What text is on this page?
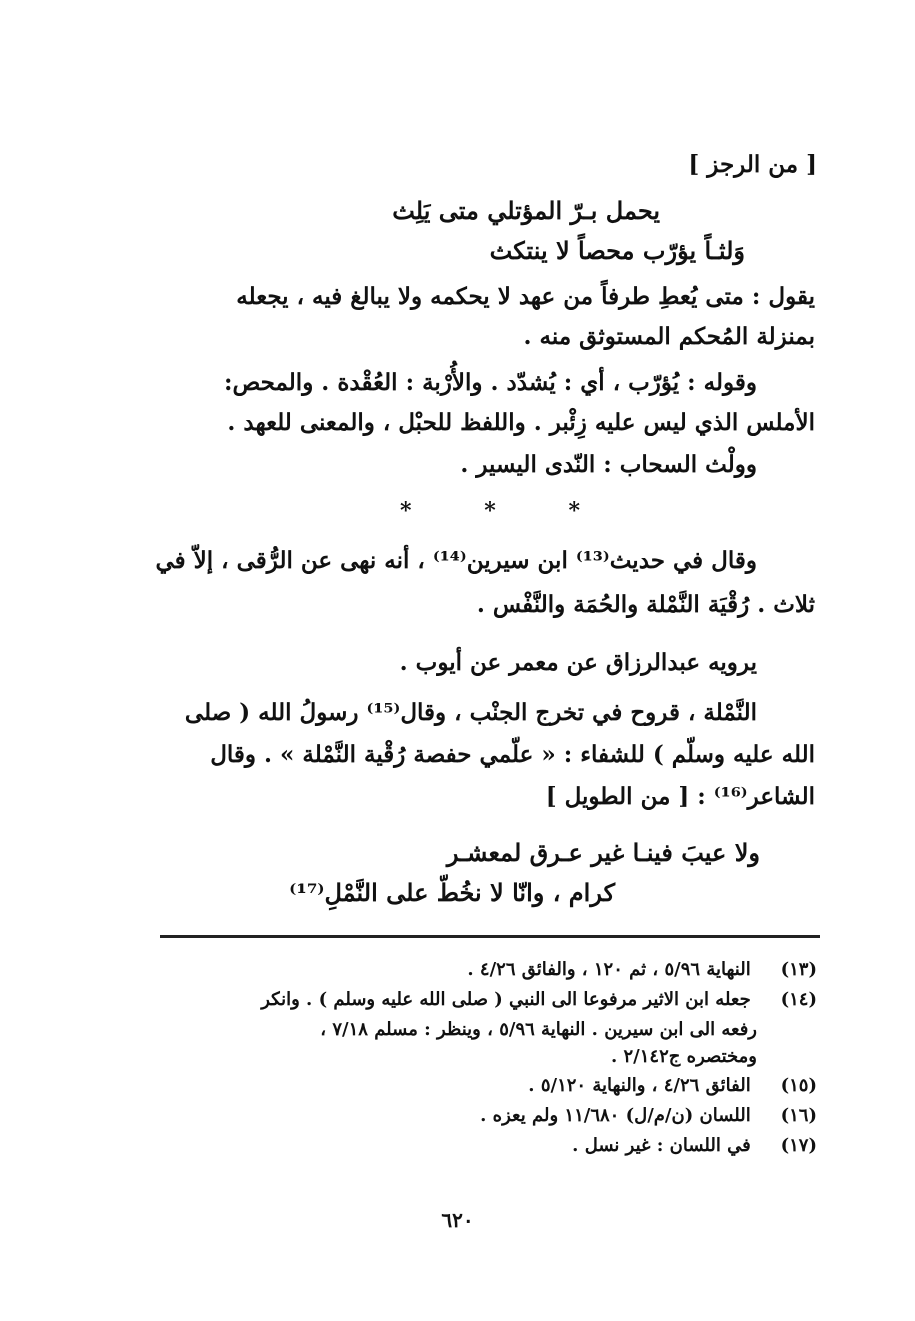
[ من الرجز ]
يحمل بـرّ المؤتلي متى يَلِث
وَلثـاً يؤرّب محصاً لا ينتكث
يقول : متى يُعطِ طرفاً من عهد لا يحكمه ولا يبالغ فيه ، يجعله
بمنزلة المُحكم المستوثق منه .
وقوله : يُؤرّب ، أي : يُشدّد . والأُرْبة : العُقْدة . والمحص:
الأملس الذي ليس عليه زِئْبر . واللفظ للحبْل ، والمعنى للعهد .
وولْث السحاب : النّدى اليسير .
*	*	*
وقال في حديث⁽¹³⁾ ابن سيرين⁽¹⁴⁾ ، أنه نهى عن الرُّقى ، إلاّ في
ثلاث . رُقْيَة النَّمْلة والحُمَة والنَّفْس .
يرويه عبدالرزاق عن معمر عن أيوب .
النَّمْلة ، قروح في تخرج الجنْب ، وقال⁽¹⁵⁾ رسولُ الله ( صلى
الله عليه وسلّم ) للشفاء : « علّمي حفصة رُقْية النَّمْلة » . وقال
الشاعر⁽¹⁶⁾ : [ من الطويل ]
ولا عيبَ فينـا غير عـرق لمعشـر
كرام ، وانّا لا نخُطّ على النَّمْلِ⁽¹⁷⁾
(١٣) النهاية ٥/٩٦ ، ثم ١٢٠ ، والفائق ٤/٢٦ .
(١٤) جعله ابن الاثير مرفوعا الى النبي ( صلى الله عليه وسلم ) . وانكر
رفعه الى ابن سيرين . النهاية ٥/٩٦ ، وينظر : مسلم ٧/١٨ ،
ومختصره ج٢/١٤٢ .
(١٥) الفائق ٤/٢٦ ، والنهاية ٥/١٢٠ .
(١٦) اللسان (ن/م/ل) ١١/٦٨٠ ولم يعزه .
(١٧) في اللسان : غير نسل .
٦٢٠
